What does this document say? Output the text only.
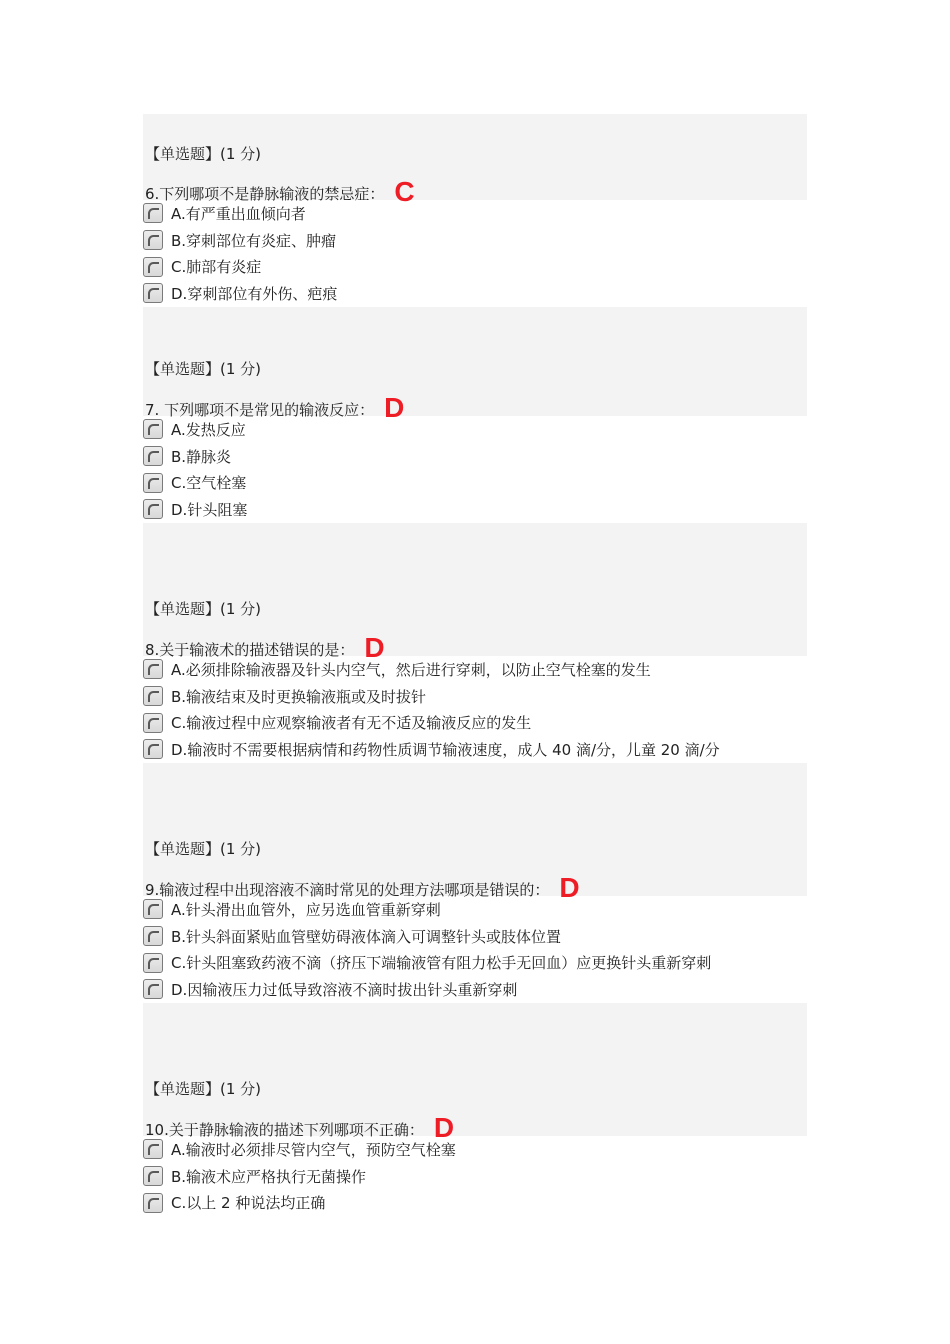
【单选题】(1 分)
6.下列哪项不是静脉输液的禁忌症： C
A.有严重出血倾向者
B.穿刺部位有炎症、肿瘤
C.肺部有炎症
D.穿刺部位有外伤、疤痕
【单选题】(1 分)
7. 下列哪项不是常见的输液反应： D
A.发热反应
B.静脉炎
C.空气栓塞
D.针头阻塞
【单选题】(1 分)
8.关于输液术的描述错误的是： D
A.必须排除输液器及针头内空气，然后进行穿刺，以防止空气栓塞的发生
B.输液结束及时更换输液瓶或及时拔针
C.输液过程中应观察输液者有无不适及输液反应的发生
D.输液时不需要根据病情和药物性质调节输液速度，成人 40 滴/分，儿童 20 滴/分
【单选题】(1 分)
9.输液过程中出现溶液不滴时常见的处理方法哪项是错误的： D
A.针头滑出血管外，应另选血管重新穿刺
B.针头斜面紧贴血管壁妨碍液体滴入可调整针头或肢体位置
C.针头阻塞致药液不滴（挤压下端输液管有阻力松手无回血）应更换针头重新穿刺
D.因输液压力过低导致溶液不滴时拔出针头重新穿刺
【单选题】(1 分)
10.关于静脉输液的描述下列哪项不正确： D
A.输液时必须排尽管内空气，预防空气栓塞
B.输液术应严格执行无菌操作
C.以上 2 种说法均正确
